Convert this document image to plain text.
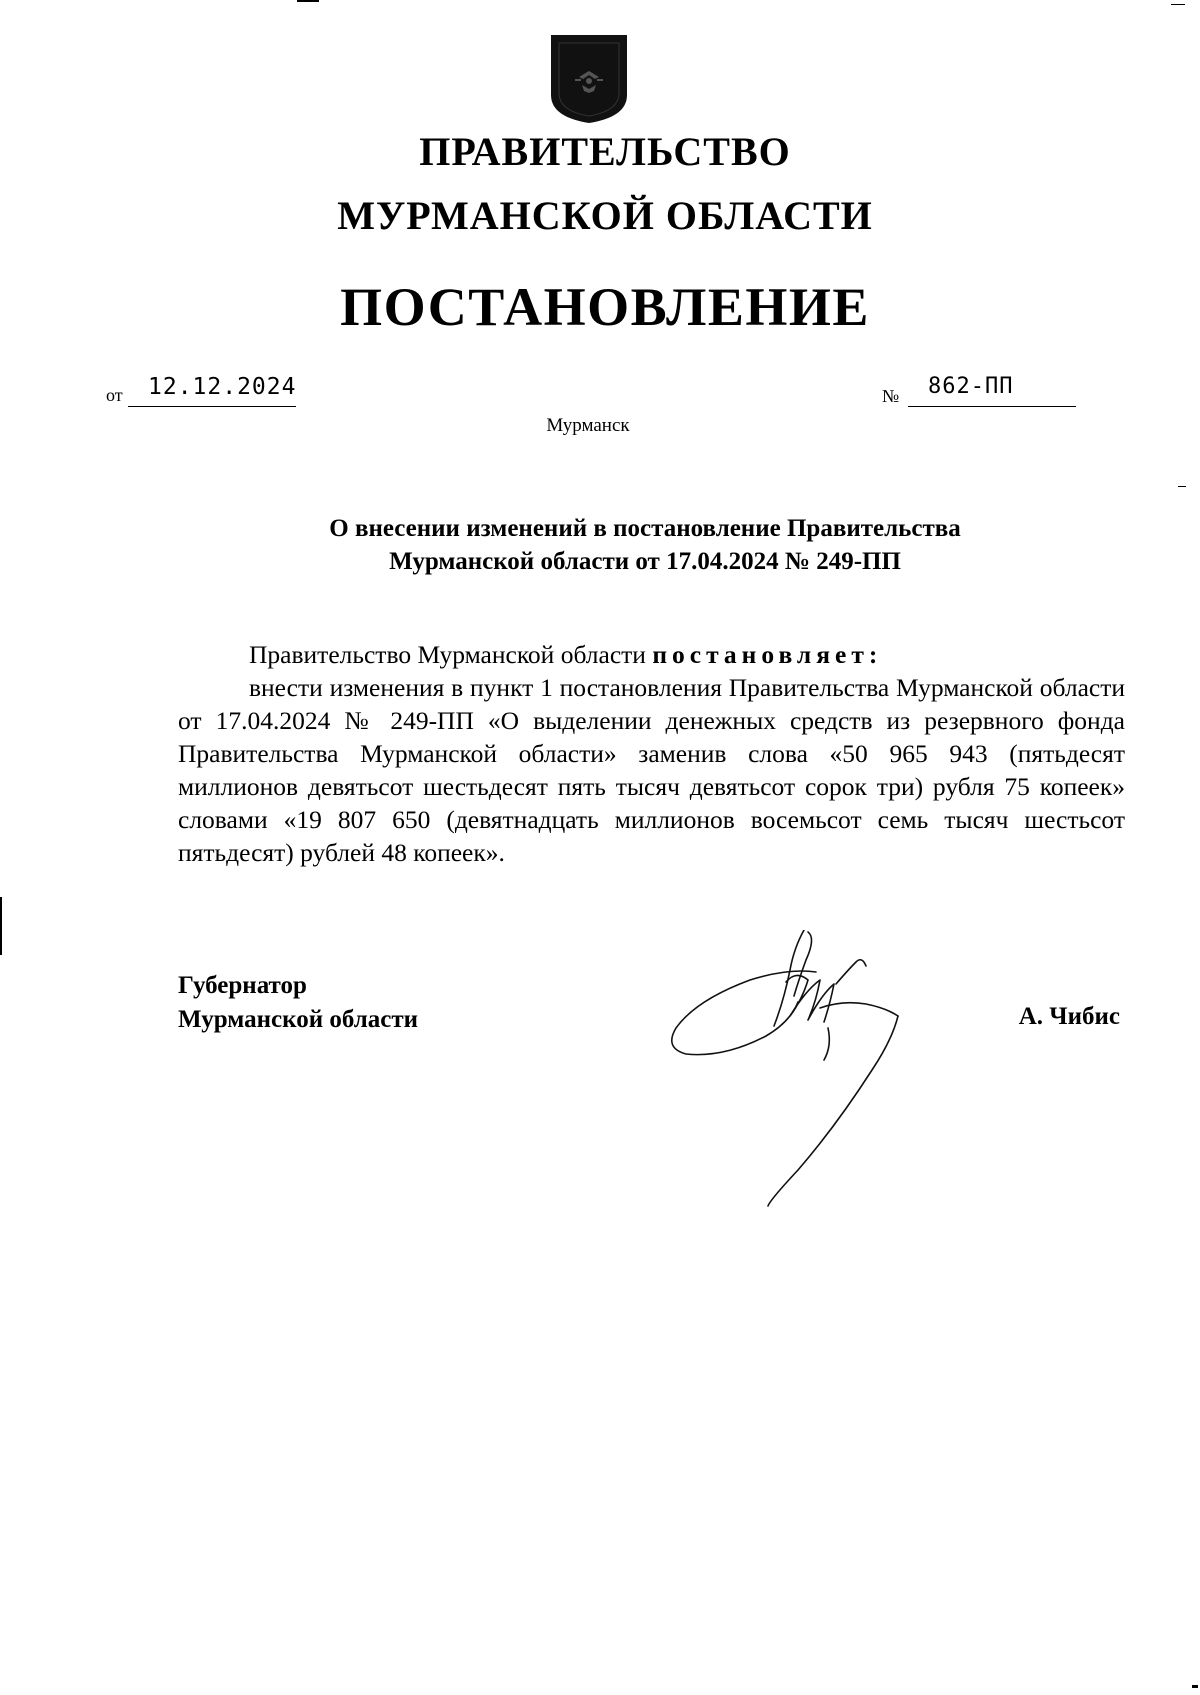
ПРАВИТЕЛЬСТВО
МУРМАНСКОЙ ОБЛАСТИ
ПОСТАНОВЛЕНИЕ
от 12.12.2024	№ 862-ПП
Мурманск
О внесении изменений в постановление Правительства
Мурманской области от 17.04.2024 № 249-ПП

Правительство Мурманской области постановляет:

внести изменения в пункт 1 постановления Правительства Мурманской области от 17.04.2024 № 249-ПП «О выделении денежных средств из резервного фонда Правительства Мурманской области» заменив слова «50 965 943 (пятьдесят миллионов девятьсот шестьдесят пять тысяч девятьсот сорок три) рубля 75 копеек» словами «19 807 650 (девятнадцать миллионов восемьсот семь тысяч шестьсот пятьдесят) рублей 48 копеек».

Губернатор
Мурманской области	А. Чибис
